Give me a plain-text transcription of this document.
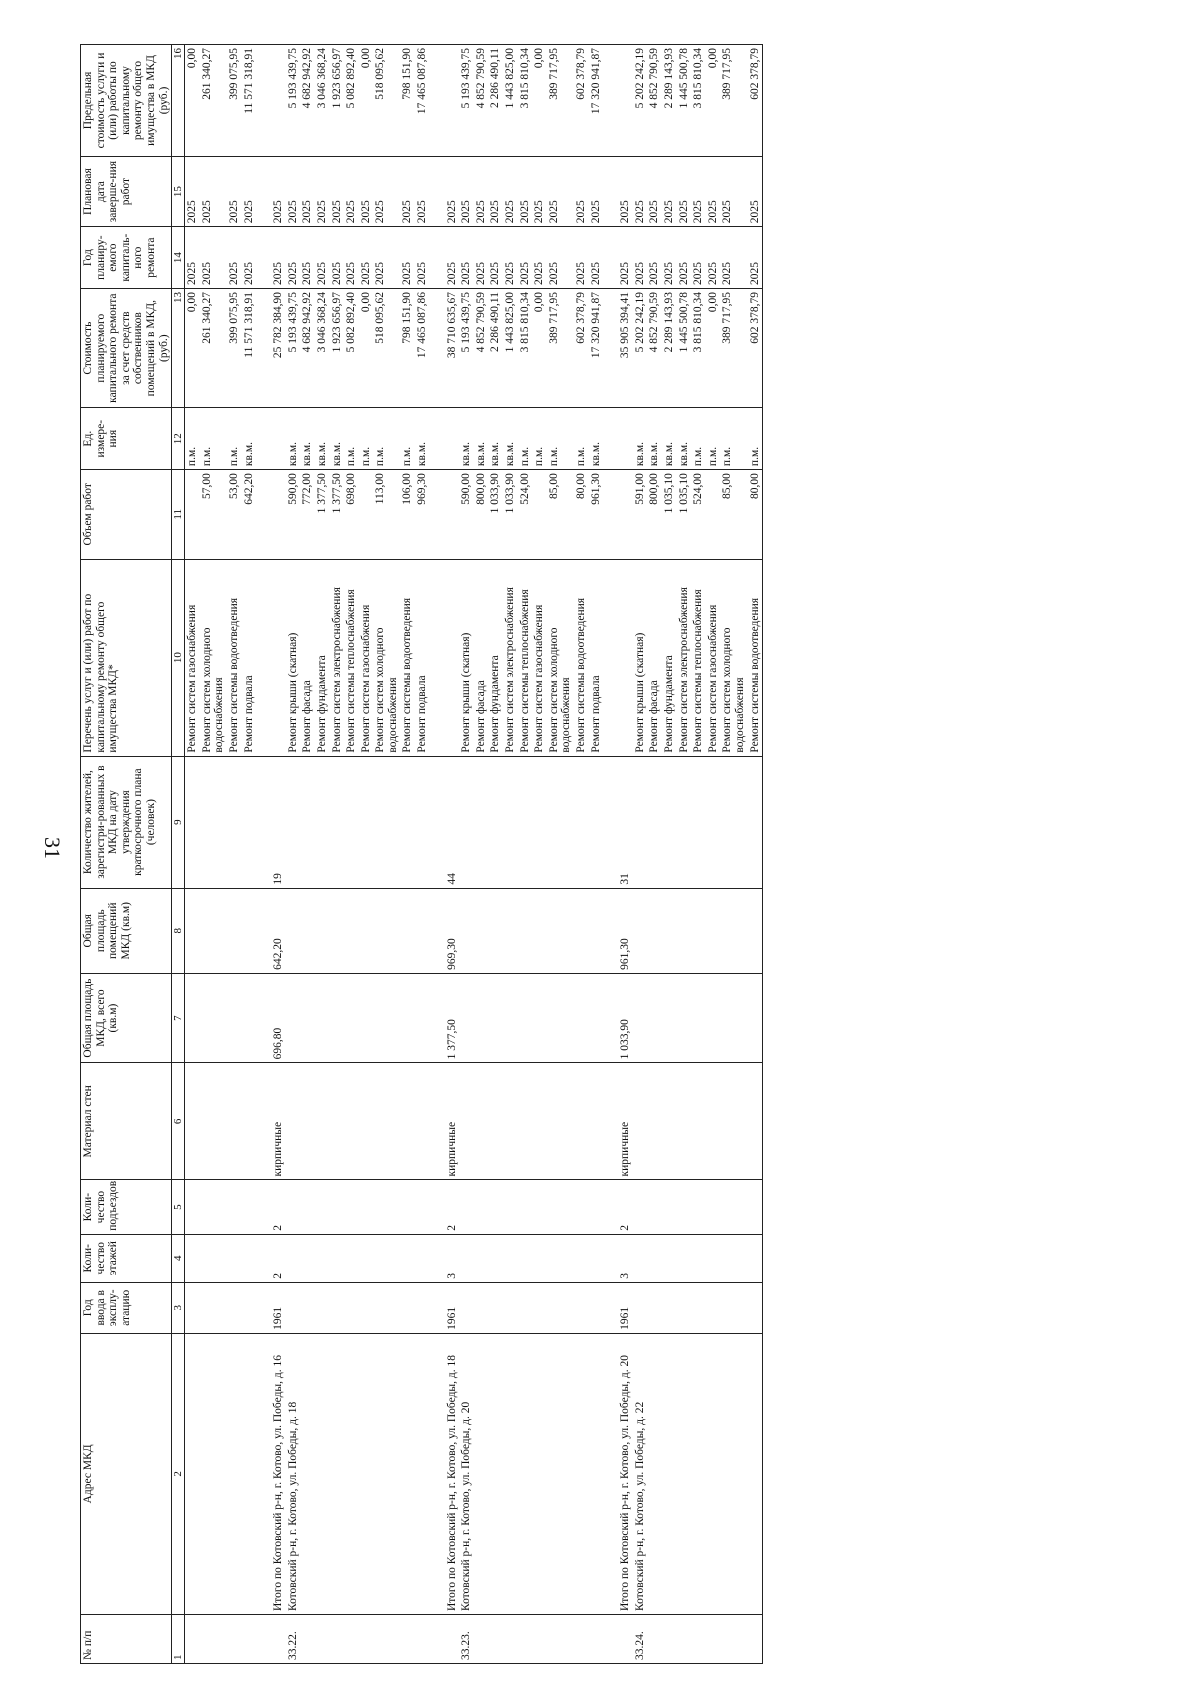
31
№ п/п	Адрес МКД	Год ввода в эксплу-атацию	Коли-чество этажей	Коли-чество подъездов	Материал стен	Общая площадь МКД, всего (кв.м)	Общая площадь помещений МКД (кв.м)	Количество жителей, зарегистри-рованных в МКД на дату утверждения краткосрочного плана (человек)	Перечень услуг и (или) работ по капитальному ремонту общего имущества МКД*	Объем работ	Ед. измере-ния	Стоимость планируемого капитального ремонта за счет средств собственников помещений в МКД, (руб.)	Год планиру-емого капиталь-ного ремонта	Плановая дата заверше-ния работ	Предельная стоимость услуги и (или) работы по капитальному ремонту общего имущества в МКД (руб.)
1	2	3	4	5	6	7	8	9	10	11	12	13	14	15	16
									Ремонт систем газоснабжения		п.м.	0,00	2025	2025	0,00
									Ремонт систем холодного водоснабжения	57,00	п.м.	261 340,27	2025	2025	261 340,27
									Ремонт системы водоотведения	53,00	п.м.	399 075,95	2025	2025	399 075,95
									Ремонт подвала	642,20	кв.м.	11 571 318,91	2025	2025	11 571 318,91
	Итого по Котовский р-н, г. Котово, ул. Победы, д. 16	1961	2	2	кирпичные	696,80	642,20	19				25 782 384,90	2025	2025	
33.22.	Котовский р-н, г. Котово, ул. Победы, д. 18								Ремонт крыши (скатная)	590,00	кв.м.	5 193 439,75	2025	2025	5 193 439,75
									Ремонт фасада	772,00	кв.м.	4 682 942,92	2025	2025	4 682 942,92
									Ремонт фундамента	1 377,50	кв.м.	3 046 368,24	2025	2025	3 046 368,24
									Ремонт систем электроснабжения	1 377,50	кв.м.	1 923 656,97	2025	2025	1 923 656,97
									Ремонт системы теплоснабжения	698,00	п.м.	5 082 892,40	2025	2025	5 082 892,40
									Ремонт систем газоснабжения		п.м.	0,00	2025	2025	0,00
									Ремонт систем холодного водоснабжения	113,00	п.м.	518 095,62	2025	2025	518 095,62
									Ремонт системы водоотведения	106,00	п.м.	798 151,90	2025	2025	798 151,90
									Ремонт подвала	969,30	кв.м.	17 465 087,86	2025	2025	17 465 087,86
	Итого по Котовский р-н, г. Котово, ул. Победы, д. 18	1961	3	2	кирпичные	1 377,50	969,30	44				38 710 635,67	2025	2025	
33.23.	Котовский р-н, г. Котово, ул. Победы, д. 20								Ремонт крыши (скатная)	590,00	кв.м.	5 193 439,75	2025	2025	5 193 439,75
									Ремонт фасада	800,00	кв.м.	4 852 790,59	2025	2025	4 852 790,59
									Ремонт фундамента	1 033,90	кв.м.	2 286 490,11	2025	2025	2 286 490,11
									Ремонт систем электроснабжения	1 033,90	кв.м.	1 443 825,00	2025	2025	1 443 825,00
									Ремонт системы теплоснабжения	524,00	п.м.	3 815 810,34	2025	2025	3 815 810,34
									Ремонт систем газоснабжения		п.м.	0,00	2025	2025	0,00
									Ремонт систем холодного водоснабжения	85,00	п.м.	389 717,95	2025	2025	389 717,95
									Ремонт системы водоотведения	80,00	п.м.	602 378,79	2025	2025	602 378,79
									Ремонт подвала	961,30	кв.м.	17 320 941,87	2025	2025	17 320 941,87
	Итого по Котовский р-н, г. Котово, ул. Победы, д. 20	1961	3	2	кирпичные	1 033,90	961,30	31				35 905 394,41	2025	2025	
33.24.	Котовский р-н, г. Котово, ул. Победы, д. 22								Ремонт крыши (скатная)	591,00	кв.м.	5 202 242,19	2025	2025	5 202 242,19
									Ремонт фасада	800,00	кв.м.	4 852 790,59	2025	2025	4 852 790,59
									Ремонт фундамента	1 035,10	кв.м.	2 289 143,93	2025	2025	2 289 143,93
									Ремонт систем электроснабжения	1 035,10	кв.м.	1 445 500,78	2025	2025	1 445 500,78
									Ремонт системы теплоснабжения	524,00	п.м.	3 815 810,34	2025	2025	3 815 810,34
									Ремонт систем газоснабжения		п.м.	0,00	2025	2025	0,00
									Ремонт систем холодного водоснабжения	85,00	п.м.	389 717,95	2025	2025	389 717,95
									Ремонт системы водоотведения	80,00	п.м.	602 378,79	2025	2025	602 378,79
